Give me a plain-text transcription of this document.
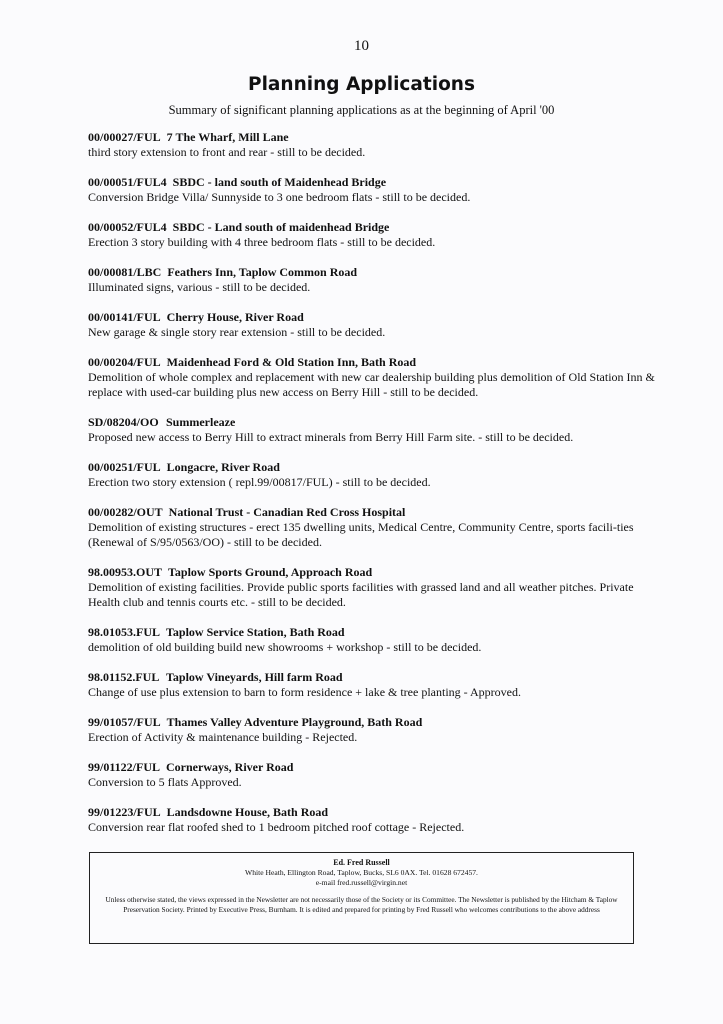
10
Planning Applications
Summary of significant planning applications as at the beginning of April '00
00/00027/FUL 7 The Wharf, Mill Lane
third story extension to front and rear - still to be decided.
00/00051/FUL4 SBDC - land south of Maidenhead Bridge
Conversion Bridge Villa/ Sunnyside to 3 one bedroom flats - still to be decided.
00/00052/FUL4 SBDC - Land south of maidenhead Bridge
Erection 3 story building with 4 three bedroom flats - still to be decided.
00/00081/LBC Feathers Inn, Taplow Common Road
Illuminated signs, various - still to be decided.
00/00141/FUL Cherry House, River Road
New garage & single story rear extension - still to be decided.
00/00204/FUL Maidenhead Ford & Old Station Inn, Bath Road
Demolition of whole complex and replacement with new car dealership building plus demolition of Old Station Inn & replace with used-car building plus new access on Berry Hill - still to be decided.
SD/08204/OO Summerleaze
Proposed new access to Berry Hill to extract minerals from Berry Hill Farm site. - still to be decided.
00/00251/FUL Longacre, River Road
Erection two story extension ( repl.99/00817/FUL) - still to be decided.
00/00282/OUT National Trust - Canadian Red Cross Hospital
Demolition of existing structures - erect 135 dwelling units, Medical Centre, Community Centre, sports facili-ties (Renewal of S/95/0563/OO) - still to be decided.
98.00953.OUT Taplow Sports Ground, Approach Road
Demolition of existing facilities. Provide public sports facilities with grassed land and all weather pitches. Private Health club and tennis courts etc. - still to be decided.
98.01053.FUL Taplow Service Station, Bath Road
demolition of old building build new showrooms + workshop - still to be decided.
98.01152.FUL Taplow Vineyards, Hill farm Road
Change of use plus extension to barn to form residence + lake & tree planting - Approved.
99/01057/FUL Thames Valley Adventure Playground, Bath Road
Erection of Activity & maintenance building - Rejected.
99/01122/FUL Cornerways, River Road
Conversion to 5 flats Approved.
99/01223/FUL Landsdowne House, Bath Road
Conversion rear flat roofed shed to 1 bedroom pitched roof cottage - Rejected.
Ed. Fred Russell
White Heath, Ellington Road, Taplow, Bucks, SL6 0AX. Tel. 01628 672457.
e-mail fred.russell@virgin.net
Unless otherwise stated, the views expressed in the Newsletter are not necessarily those of the Society or its Committee. The Newsletter is published by the Hitcham & Taplow Preservation Society. Printed by Executive Press, Burnham. It is edited and prepared for printing by Fred Russell who welcomes contributions to the above address
